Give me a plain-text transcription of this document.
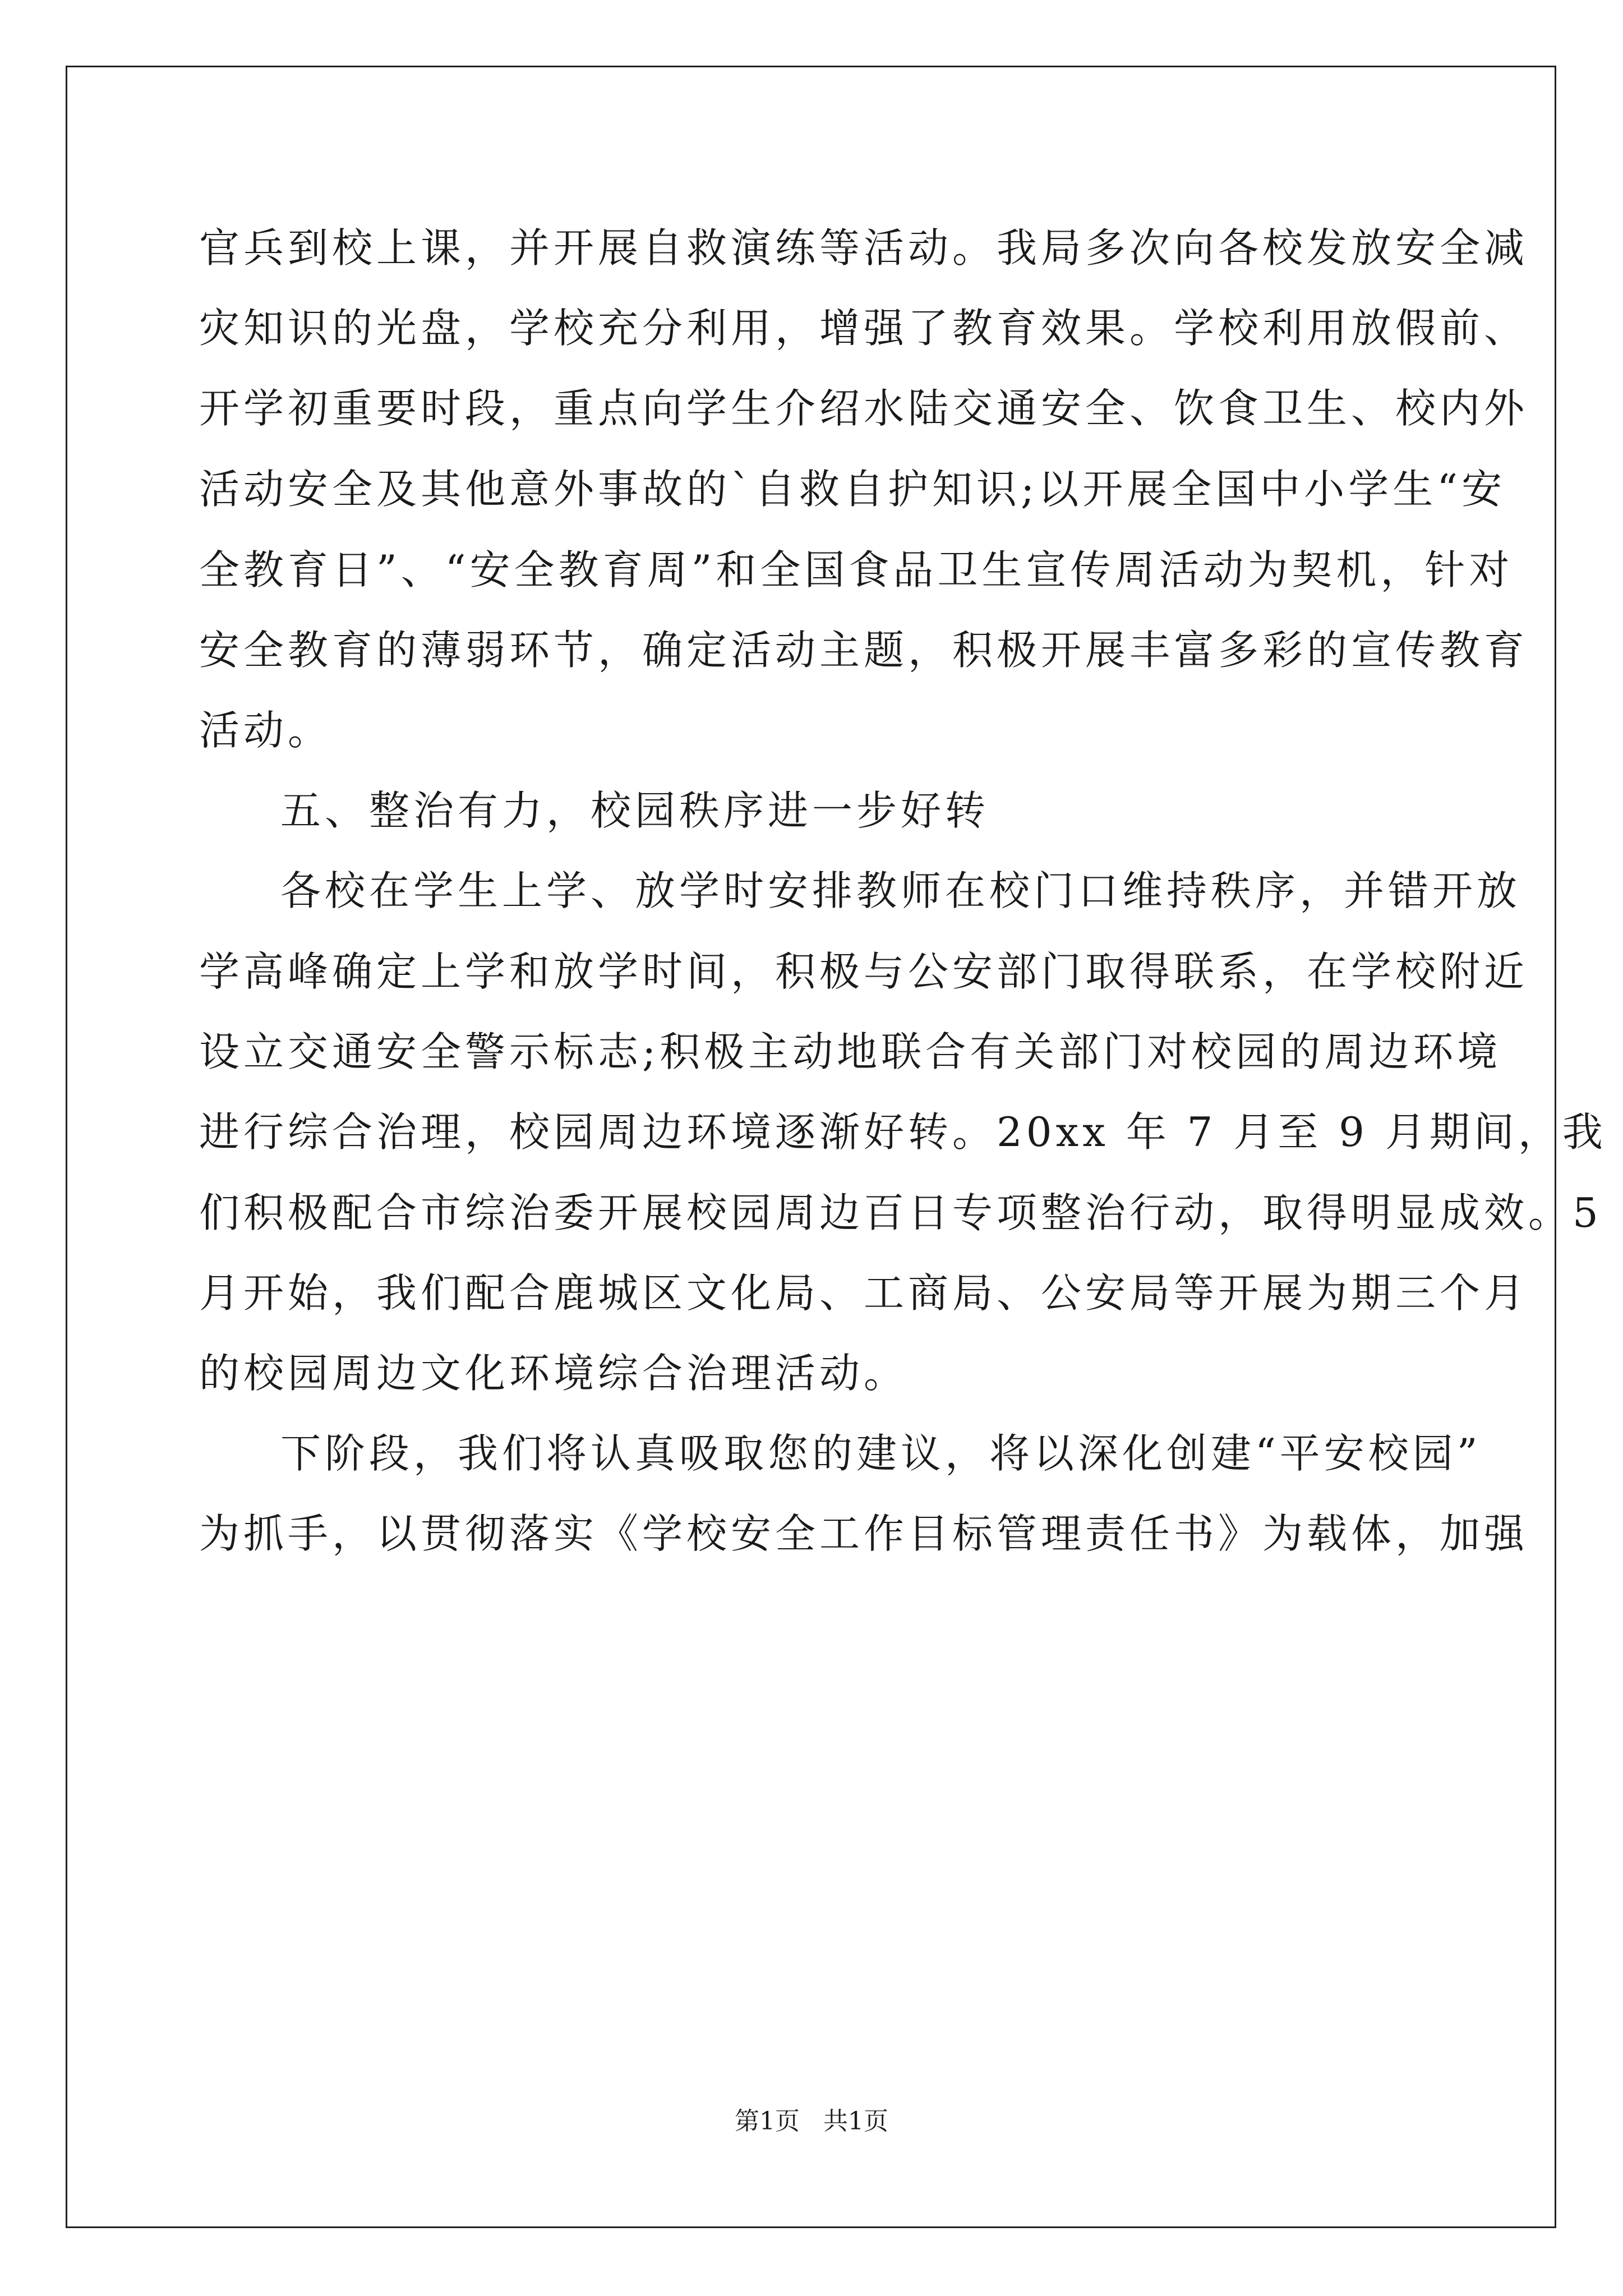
官兵到校上课，并开展自救演练等活动。我局多次向各校发放安全减
灾知识的光盘，学校充分利用，增强了教育效果。学校利用放假前、
开学初重要时段，重点向学生介绍水陆交通安全、饮食卫生、校内外
活动安全及其他意外事故的`自救自护知识;以开展全国中小学生“安
全教育日”、“安全教育周”和全国食品卫生宣传周活动为契机，针对
安全教育的薄弱环节，确定活动主题，积极开展丰富多彩的宣传教育
活动。
五、整治有力，校园秩序进一步好转
各校在学生上学、放学时安排教师在校门口维持秩序，并错开放
学高峰确定上学和放学时间，积极与公安部门取得联系，在学校附近
设立交通安全警示标志;积极主动地联合有关部门对校园的周边环境
进行综合治理，校园周边环境逐渐好转。20xx 年 7 月至 9 月期间，我
们积极配合市综治委开展校园周边百日专项整治行动，取得明显成效。5
月开始，我们配合鹿城区文化局、工商局、公安局等开展为期三个月
的校园周边文化环境综合治理活动。
下阶段，我们将认真吸取您的建议，将以深化创建“平安校园”
为抓手，以贯彻落实《学校安全工作目标管理责任书》为载体，加强
第1页   共1页
